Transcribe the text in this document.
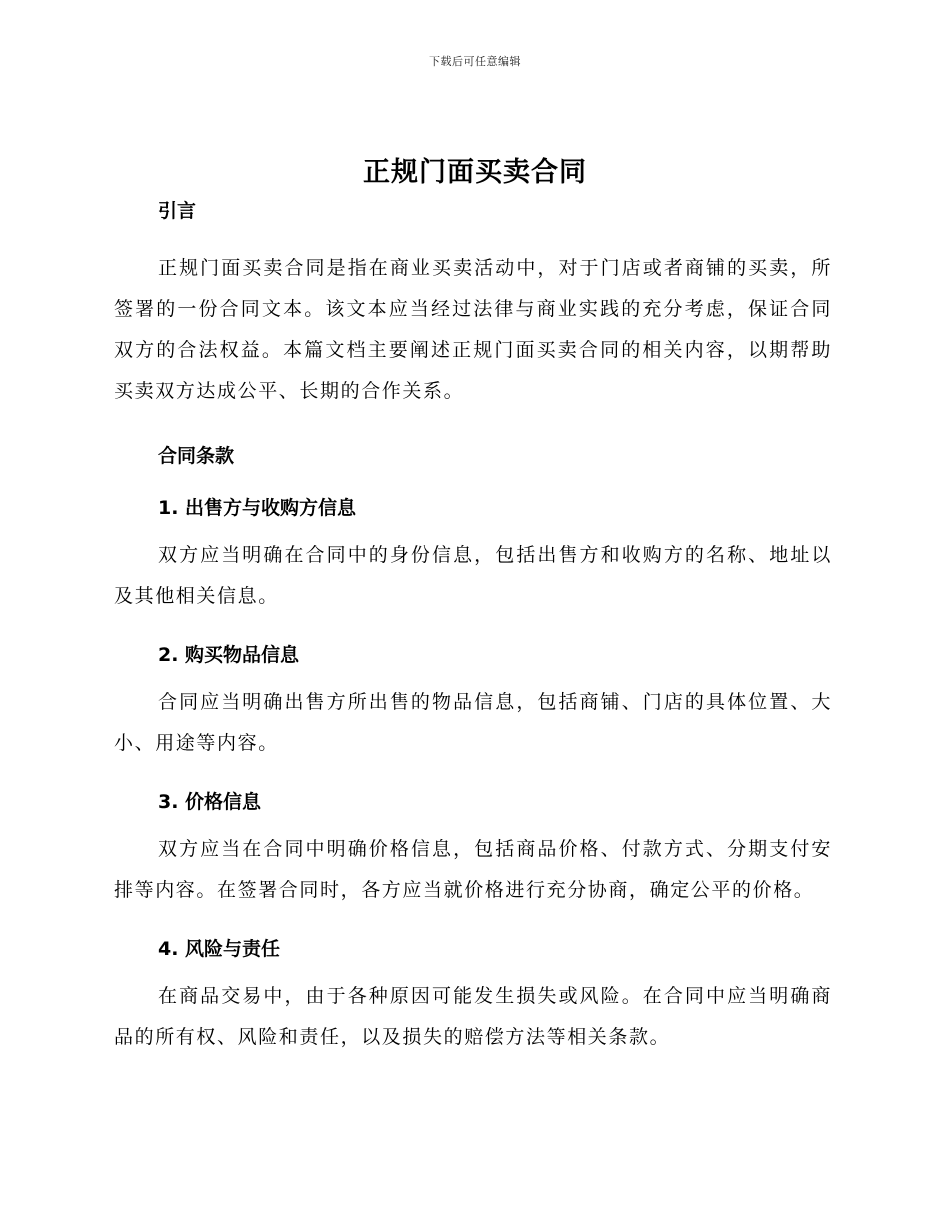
下载后可任意编辑
正规门面买卖合同
引言

正规门面买卖合同是指在商业买卖活动中，对于门店或者商铺的买卖，所签署的一份合同文本。该文本应当经过法律与商业实践的充分考虑，保证合同双方的合法权益。本篇文档主要阐述正规门面买卖合同的相关内容，以期帮助买卖双方达成公平、长期的合作关系。

合同条款
1. 出售方与收购方信息

双方应当明确在合同中的身份信息，包括出售方和收购方的名称、地址以及其他相关信息。

2. 购买物品信息

合同应当明确出售方所出售的物品信息，包括商铺、门店的具体位置、大小、用途等内容。

3. 价格信息

双方应当在合同中明确价格信息，包括商品价格、付款方式、分期支付安排等内容。在签署合同时，各方应当就价格进行充分协商，确定公平的价格。

4. 风险与责任

在商品交易中，由于各种原因可能发生损失或风险。在合同中应当明确商品的所有权、风险和责任，以及损失的赔偿方法等相关条款。
